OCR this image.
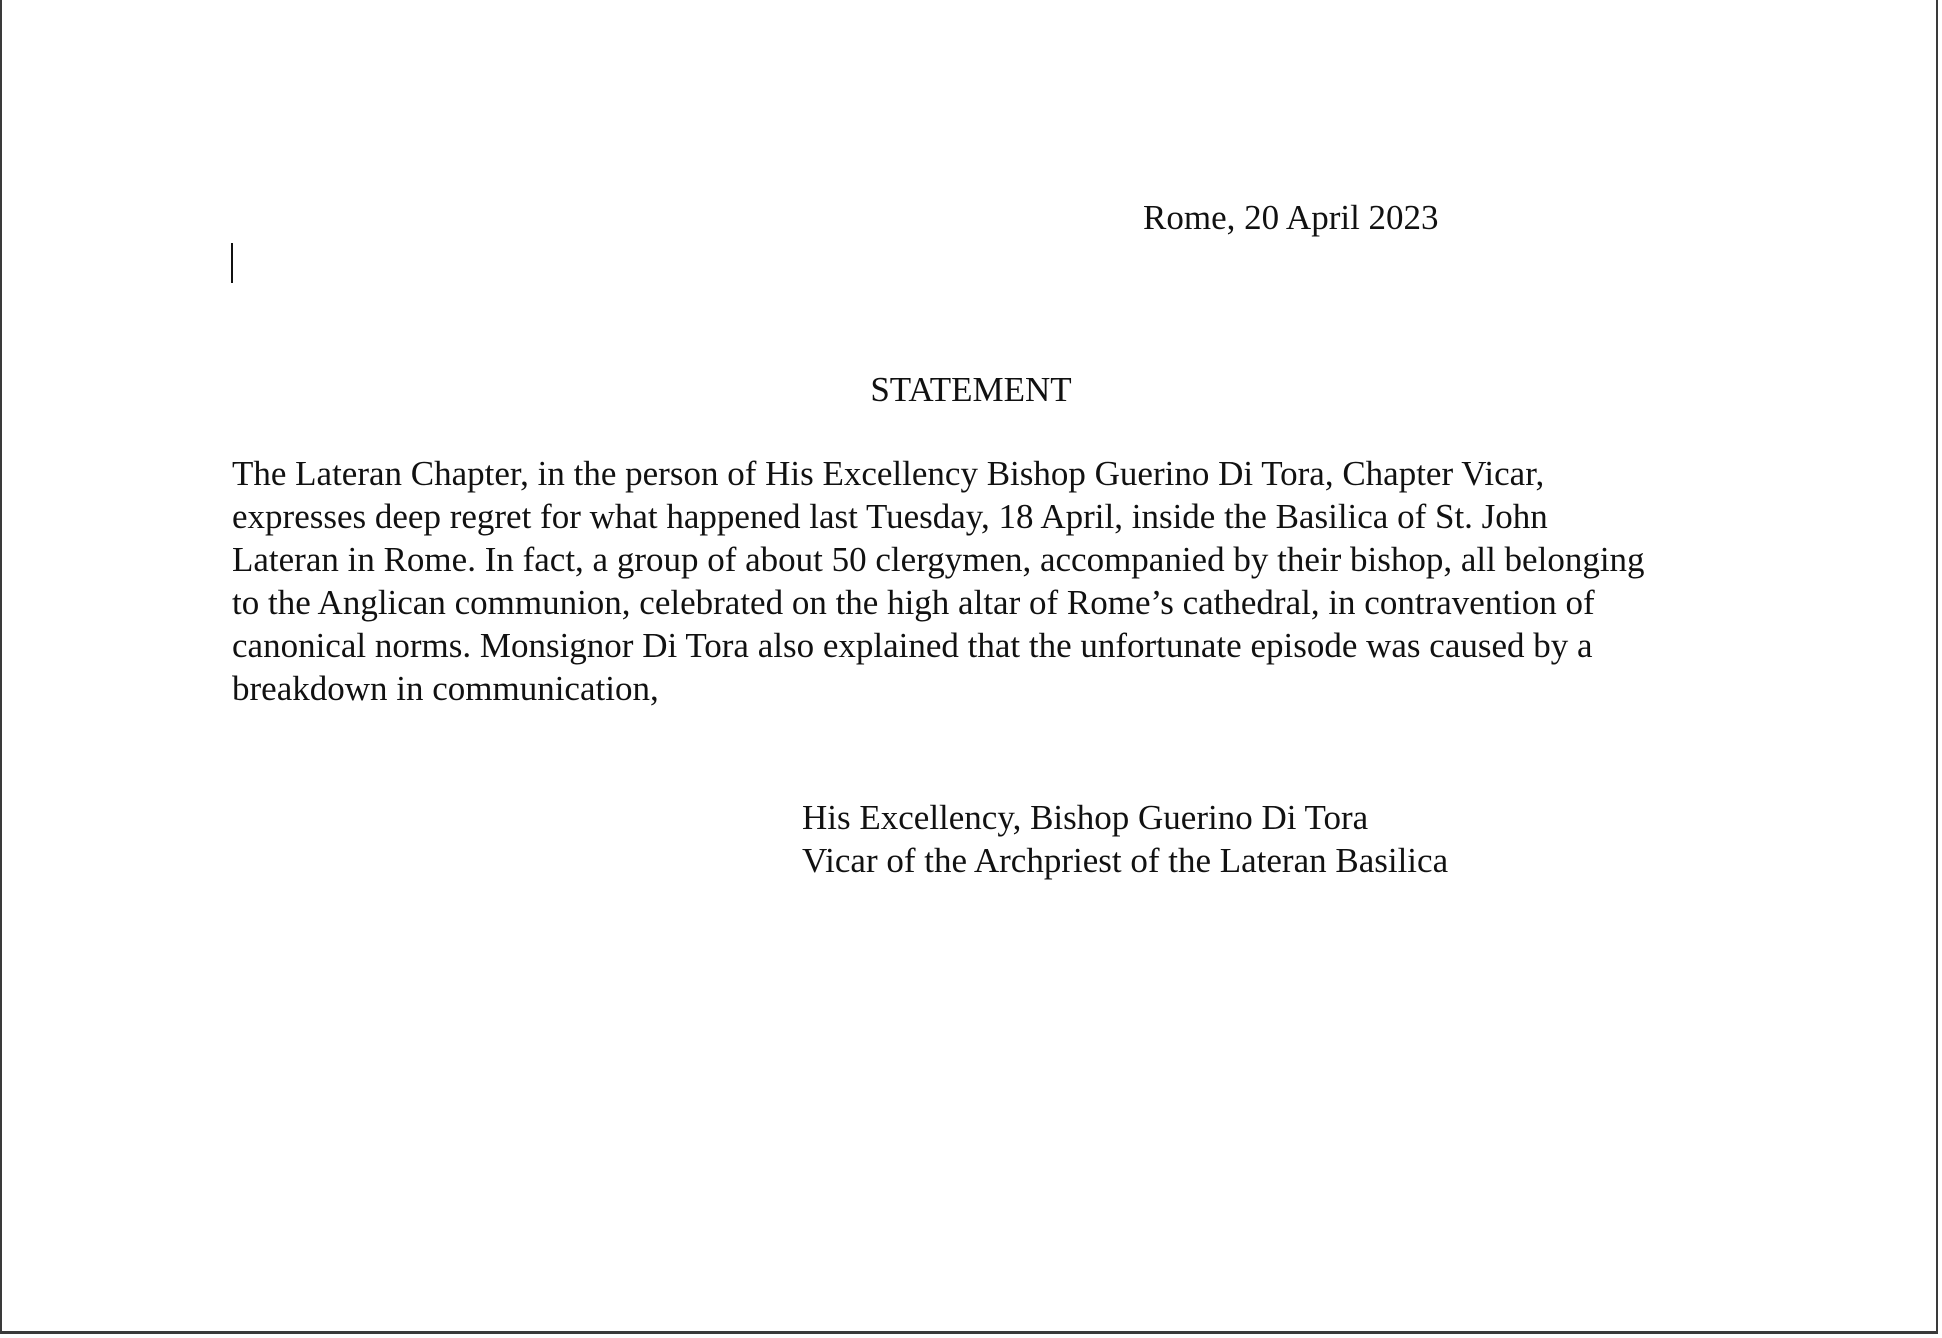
Rome, 20 April 2023
STATEMENT

The Lateran Chapter, in the person of His Excellency Bishop Guerino Di Tora, Chapter Vicar,
expresses deep regret for what happened last Tuesday, 18 April, inside the Basilica of St. John
Lateran in Rome. In fact, a group of about 50 clergymen, accompanied by their bishop, all belonging
to the Anglican communion, celebrated on the high altar of Rome’s cathedral, in contravention of
canonical norms. Monsignor Di Tora also explained that the unfortunate episode was caused by a
breakdown in communication,

His Excellency, Bishop Guerino Di Tora
Vicar of the Archpriest of the Lateran Basilica
